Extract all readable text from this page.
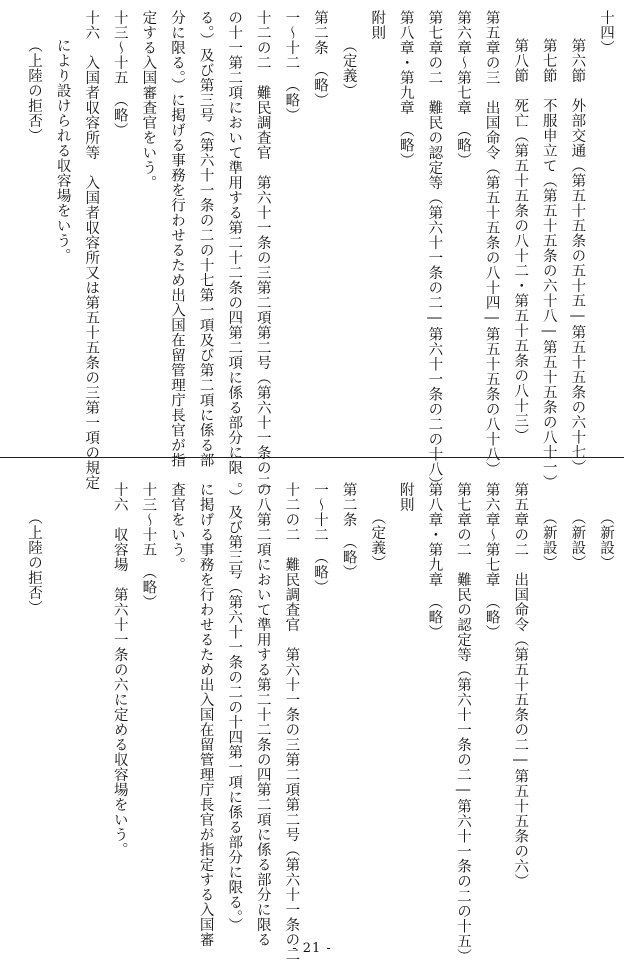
十四）
第六節　外部交通（第五十五条の五十五―第五十五条の六十七）
第七節　不服申立て（第五十五条の六十八―第五十五条の八十一）
第八節　死亡（第五十五条の八十二・第五十五条の八十三）
第五章の三　出国命令（第五十五条の八十四―第五十五条の八十八）
第六章～第七章　（略）
第七章の二　難民の認定等（第六十一条の二―第六十一条の二の十八）
第八章・第九章　（略）
附則
（定義）
第二条　（略）
一～十二　（略）
十二の二　難民調査官　第六十一条の三第二項第二号（第六十一条の二
の十一第二項において準用する第二十二条の四第二項に係る部分に限
る。）及び第三号（第六十一条の二の十七第一項及び第二項に係る部
分に限る。）に掲げる事務を行わせるため出入国在留管理庁長官が指
定する入国審査官をいう。
十三～十五　（略）
十六　入国者収容所等　入国者収容所又は第五十五条の三第一項の規定
により設けられる収容場をいう。
（上陸の拒否）
（新設）
（新設）
（新設）
第五章の二　出国命令（第五十五条の二―第五十五条の六）
第六章～第七章　（略）
第七章の二　難民の認定等（第六十一条の二―第六十一条の二の十五）
第八章・第九章　（略）
附則
（定義）
第二条　（略）
一～十二　（略）
十二の二　難民調査官　第六十一条の三第二項第二号（第六十一条の二
の八第二項において準用する第二十二条の四第二項に係る部分に限る
。）及び第三号（第六十一条の二の十四第一項に係る部分に限る。）
に掲げる事務を行わせるため出入国在留管理庁長官が指定する入国審
査官をいう。
十三～十五　（略）
十六　収容場　第六十一条の六に定める収容場をいう。
（上陸の拒否）
- 21 -
